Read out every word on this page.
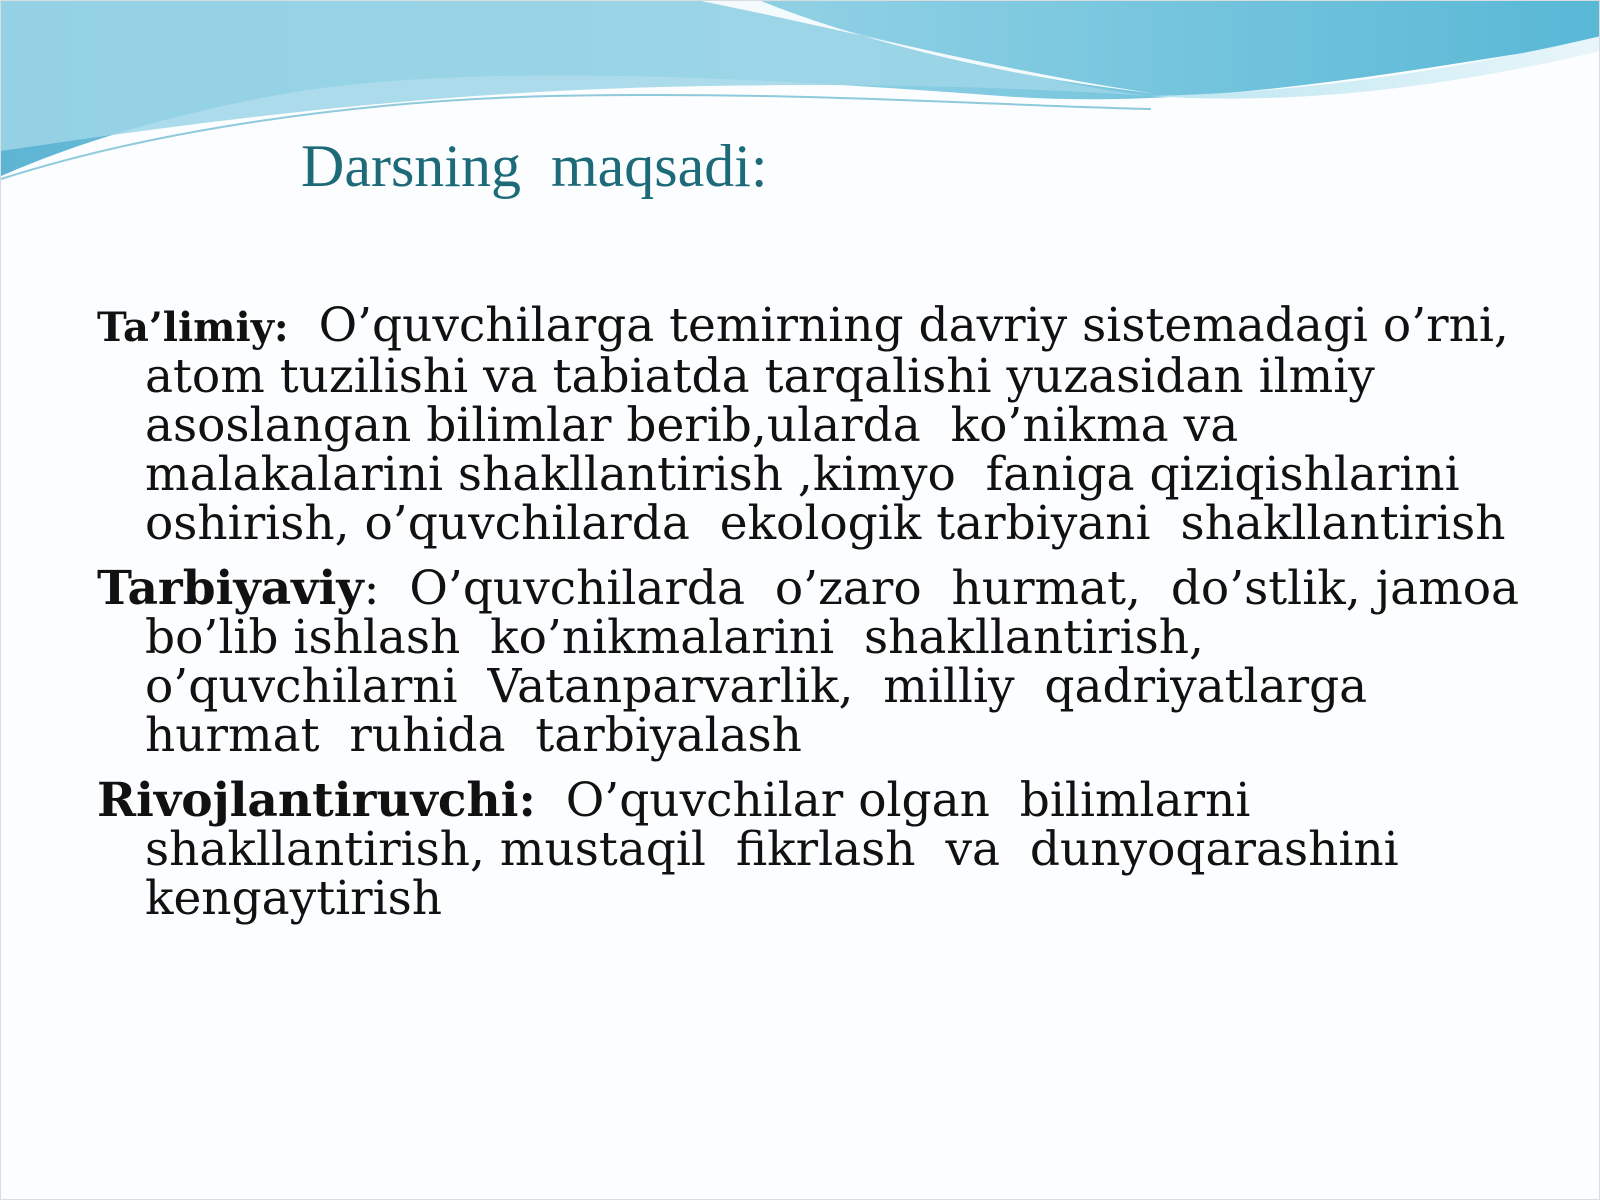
Darsning  maqsadi:

Ta’limiy:  O’quvchilarga temirning davriy sistemadagi o’rni, atom tuzilishi va tabiatda tarqalishi yuzasidan ilmiy asoslangan bilimlar berib,ularda  ko’nikma va malakalarini shakllantirish ,kimyo  faniga qiziqishlarini  oshirish, o’quvchilarda  ekologik tarbiyani  shakllantirish

Tarbiyaviy:  O’quvchilarda  o’zaro  hurmat,  do’stlik, jamoa bo’lib ishlash  ko’nikmalarini  shakllantirish, o’quvchilarni  Vatanparvarlik,  milliy  qadriyatlarga hurmat  ruhida  tarbiyalash

Rivojlantiruvchi:  O’quvchilar olgan  bilimlarni shakllantirish, mustaqil  fikrlash  va  dunyoqarashini kengaytirish
